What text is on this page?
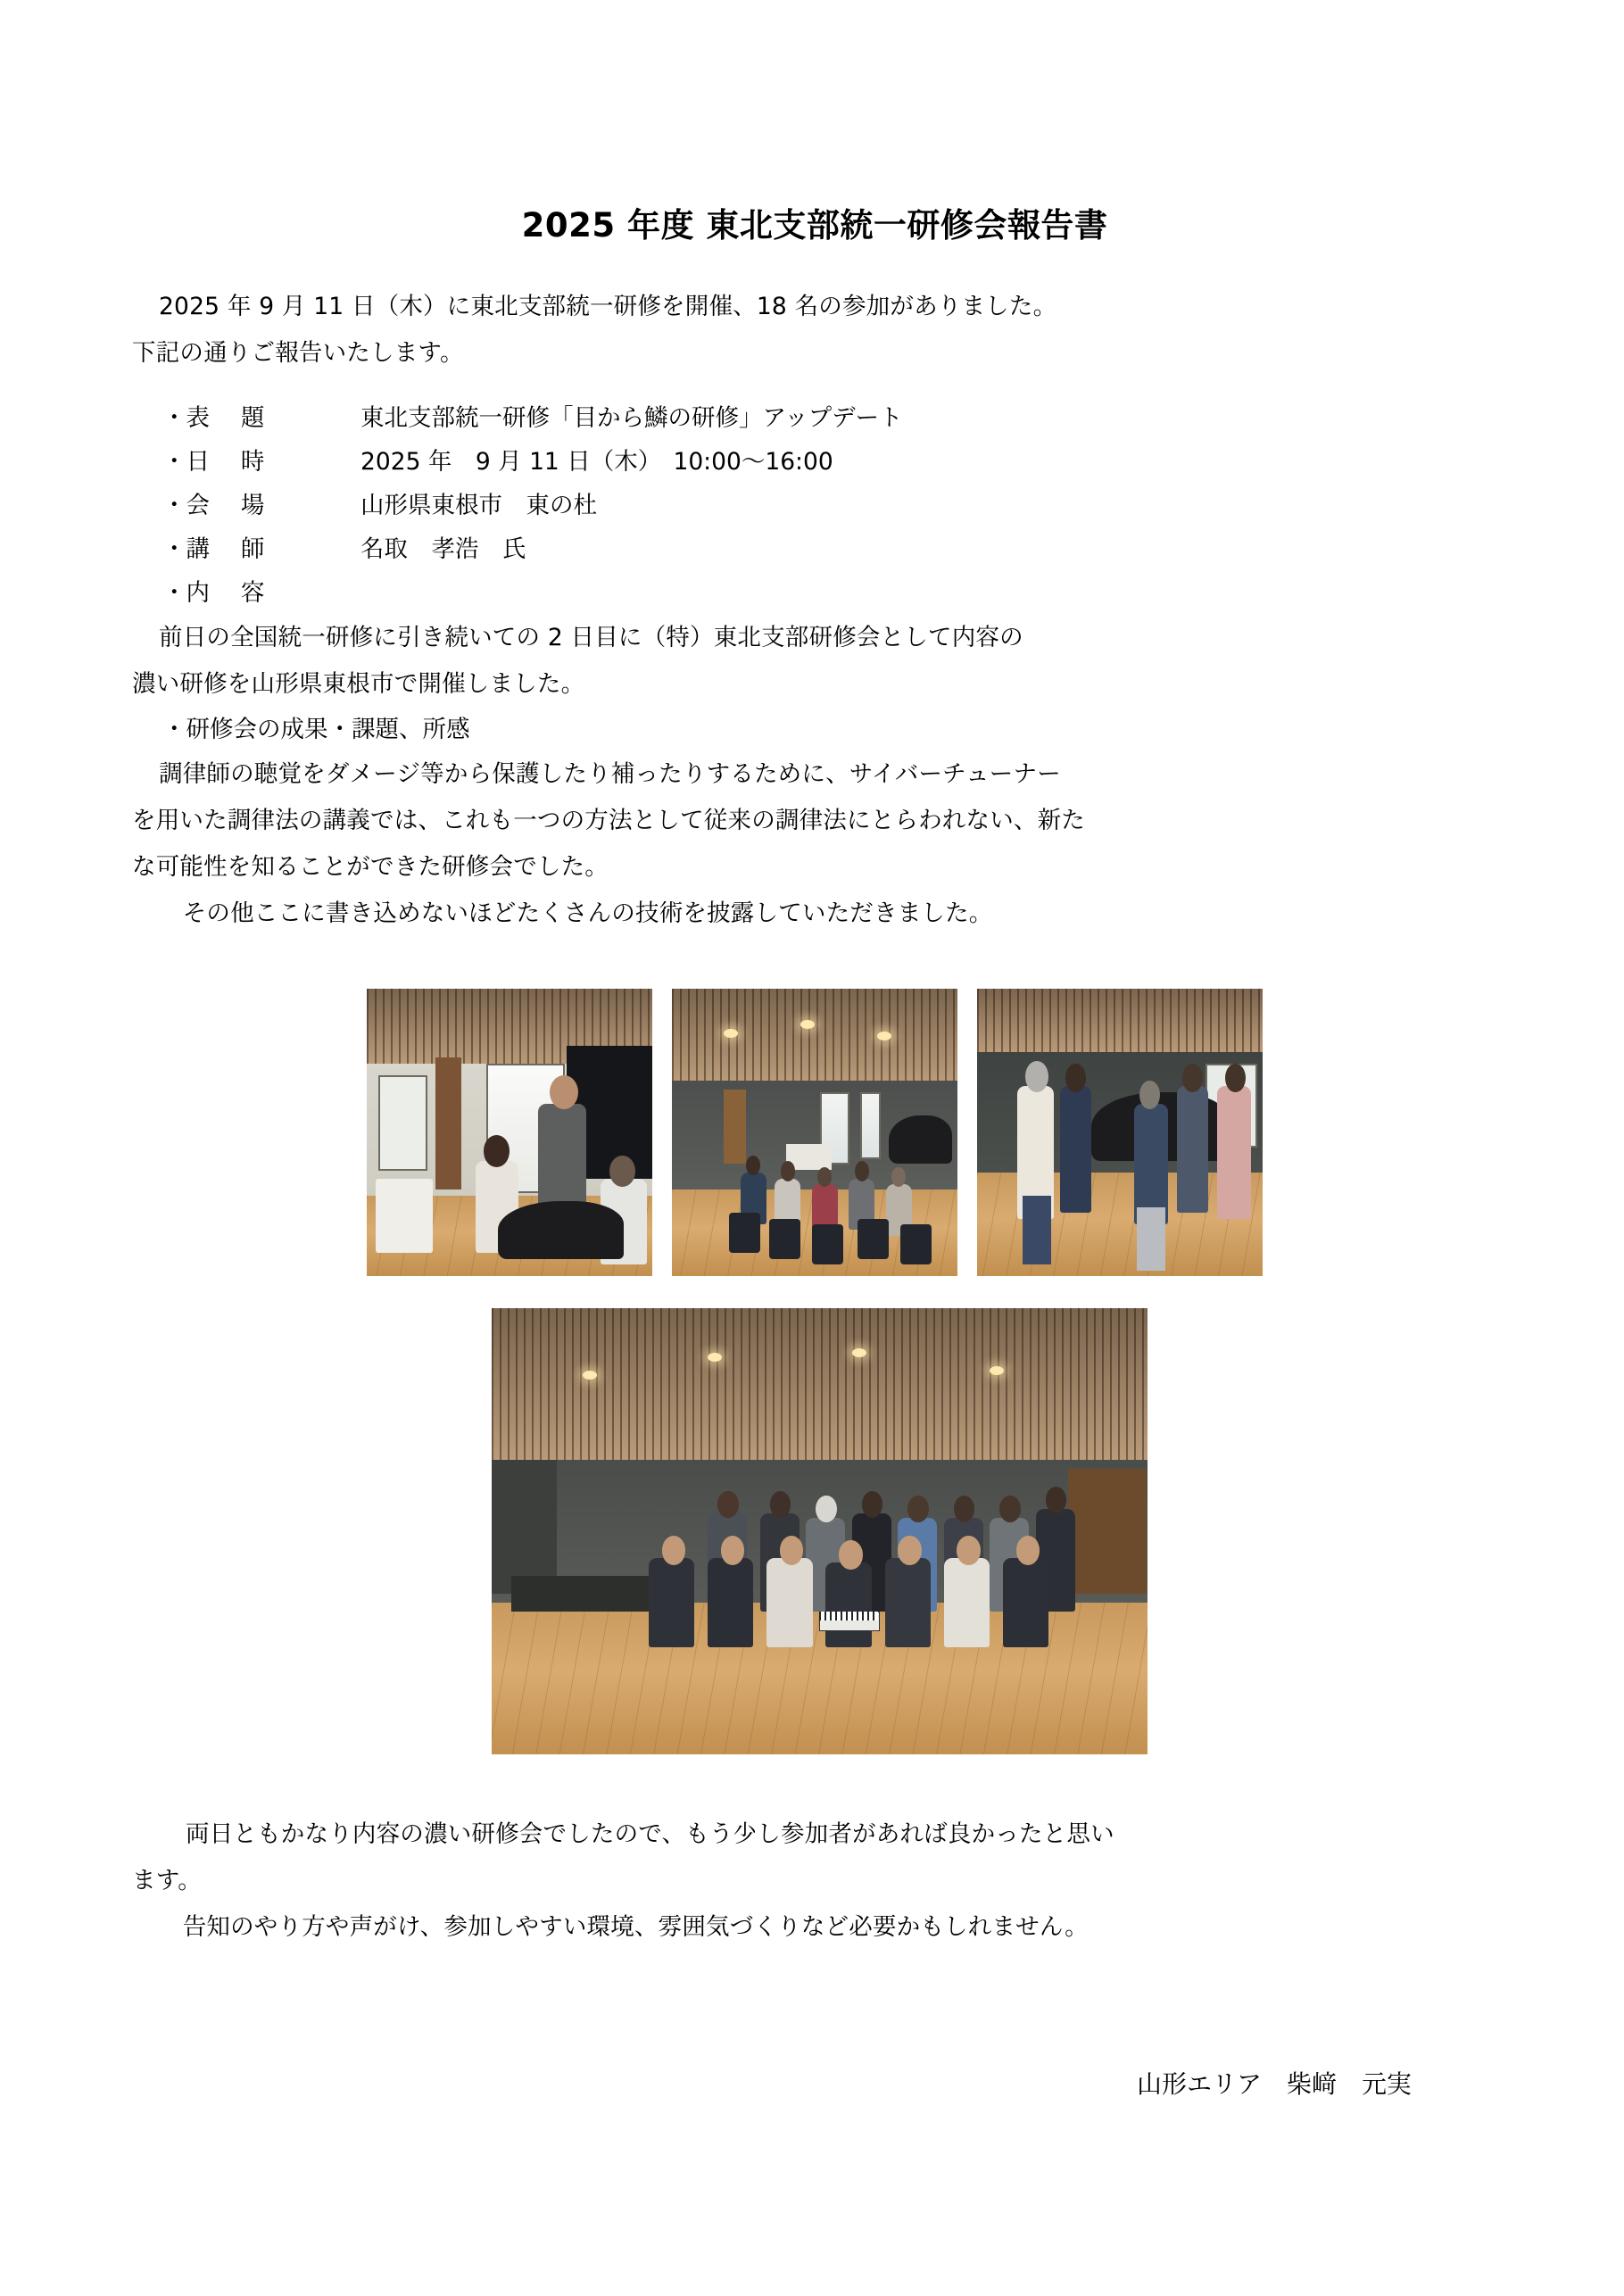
2025 年度 東北支部統一研修会報告書

2025 年 9 月 11 日（木）に東北支部統一研修を開催、18 名の参加がありました。

下記の通りご報告いたします。

・表　 題	東北支部統一研修「目から鱗の研修」アップデート
・日　 時	2025 年　9 月 11 日（木）　10:00〜16:00
・会　 場	山形県東根市　東の杜
・講　 師	名取　孝浩　氏
・内　 容

前日の全国統一研修に引き続いての 2 日目に（特）東北支部研修会として内容の

濃い研修を山形県東根市で開催しました。

・研修会の成果・課題、所感

調律師の聴覚をダメージ等から保護したり補ったりするために、サイバーチューナー

を用いた調律法の講義では、これも一つの方法として従来の調律法にとらわれない、新た

な可能性を知ることができた研修会でした。

　その他ここに書き込めないほどたくさんの技術を披露していただきました。

両日ともかなり内容の濃い研修会でしたので、もう少し参加者があれば良かったと思い

ます。

　告知のやり方や声がけ、参加しやすい環境、雰囲気づくりなど必要かもしれません。

山形エリア　柴﨑　元実
